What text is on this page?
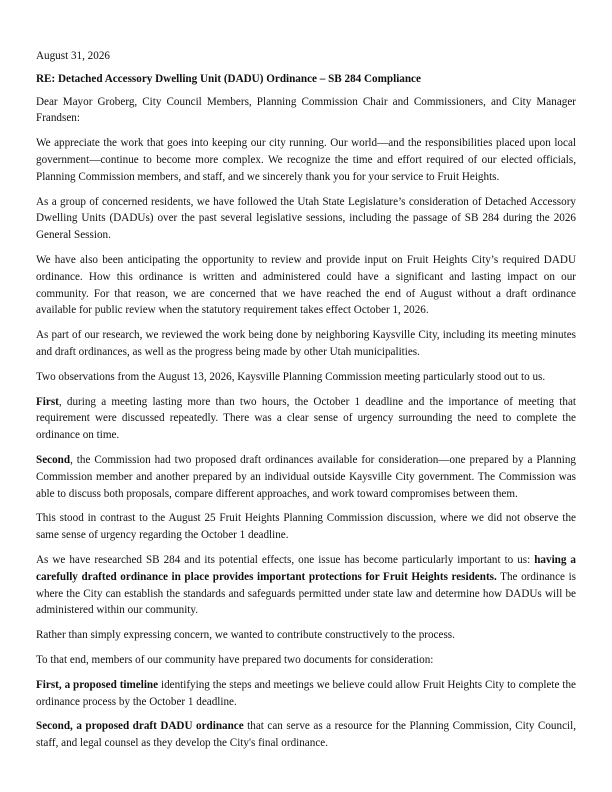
August 31, 2026

RE: Detached Accessory Dwelling Unit (DADU) Ordinance – SB 284 Compliance

Dear Mayor Groberg, City Council Members, Planning Commission Chair and Commissioners, and City Manager Frandsen:

We appreciate the work that goes into keeping our city running. Our world—and the responsibilities placed upon local government—continue to become more complex. We recognize the time and effort required of our elected officials, Planning Commission members, and staff, and we sincerely thank you for your service to Fruit Heights.

As a group of concerned residents, we have followed the Utah State Legislature’s consideration of Detached Accessory Dwelling Units (DADUs) over the past several legislative sessions, including the passage of SB 284 during the 2026 General Session.

We have also been anticipating the opportunity to review and provide input on Fruit Heights City’s required DADU ordinance. How this ordinance is written and administered could have a significant and lasting impact on our community. For that reason, we are concerned that we have reached the end of August without a draft ordinance available for public review when the statutory requirement takes effect October 1, 2026.

As part of our research, we reviewed the work being done by neighboring Kaysville City, including its meeting minutes and draft ordinances, as well as the progress being made by other Utah municipalities.

Two observations from the August 13, 2026, Kaysville Planning Commission meeting particularly stood out to us.

First, during a meeting lasting more than two hours, the October 1 deadline and the importance of meeting that requirement were discussed repeatedly. There was a clear sense of urgency surrounding the need to complete the ordinance on time.

Second, the Commission had two proposed draft ordinances available for consideration—one prepared by a Planning Commission member and another prepared by an individual outside Kaysville City government. The Commission was able to discuss both proposals, compare different approaches, and work toward compromises between them.

This stood in contrast to the August 25 Fruit Heights Planning Commission discussion, where we did not observe the same sense of urgency regarding the October 1 deadline.

As we have researched SB 284 and its potential effects, one issue has become particularly important to us: having a carefully drafted ordinance in place provides important protections for Fruit Heights residents. The ordinance is where the City can establish the standards and safeguards permitted under state law and determine how DADUs will be administered within our community.

Rather than simply expressing concern, we wanted to contribute constructively to the process.

To that end, members of our community have prepared two documents for consideration:

First, a proposed timeline identifying the steps and meetings we believe could allow Fruit Heights City to complete the ordinance process by the October 1 deadline.

Second, a proposed draft DADU ordinance that can serve as a resource for the Planning Commission, City Council, staff, and legal counsel as they develop the City's final ordinance.
